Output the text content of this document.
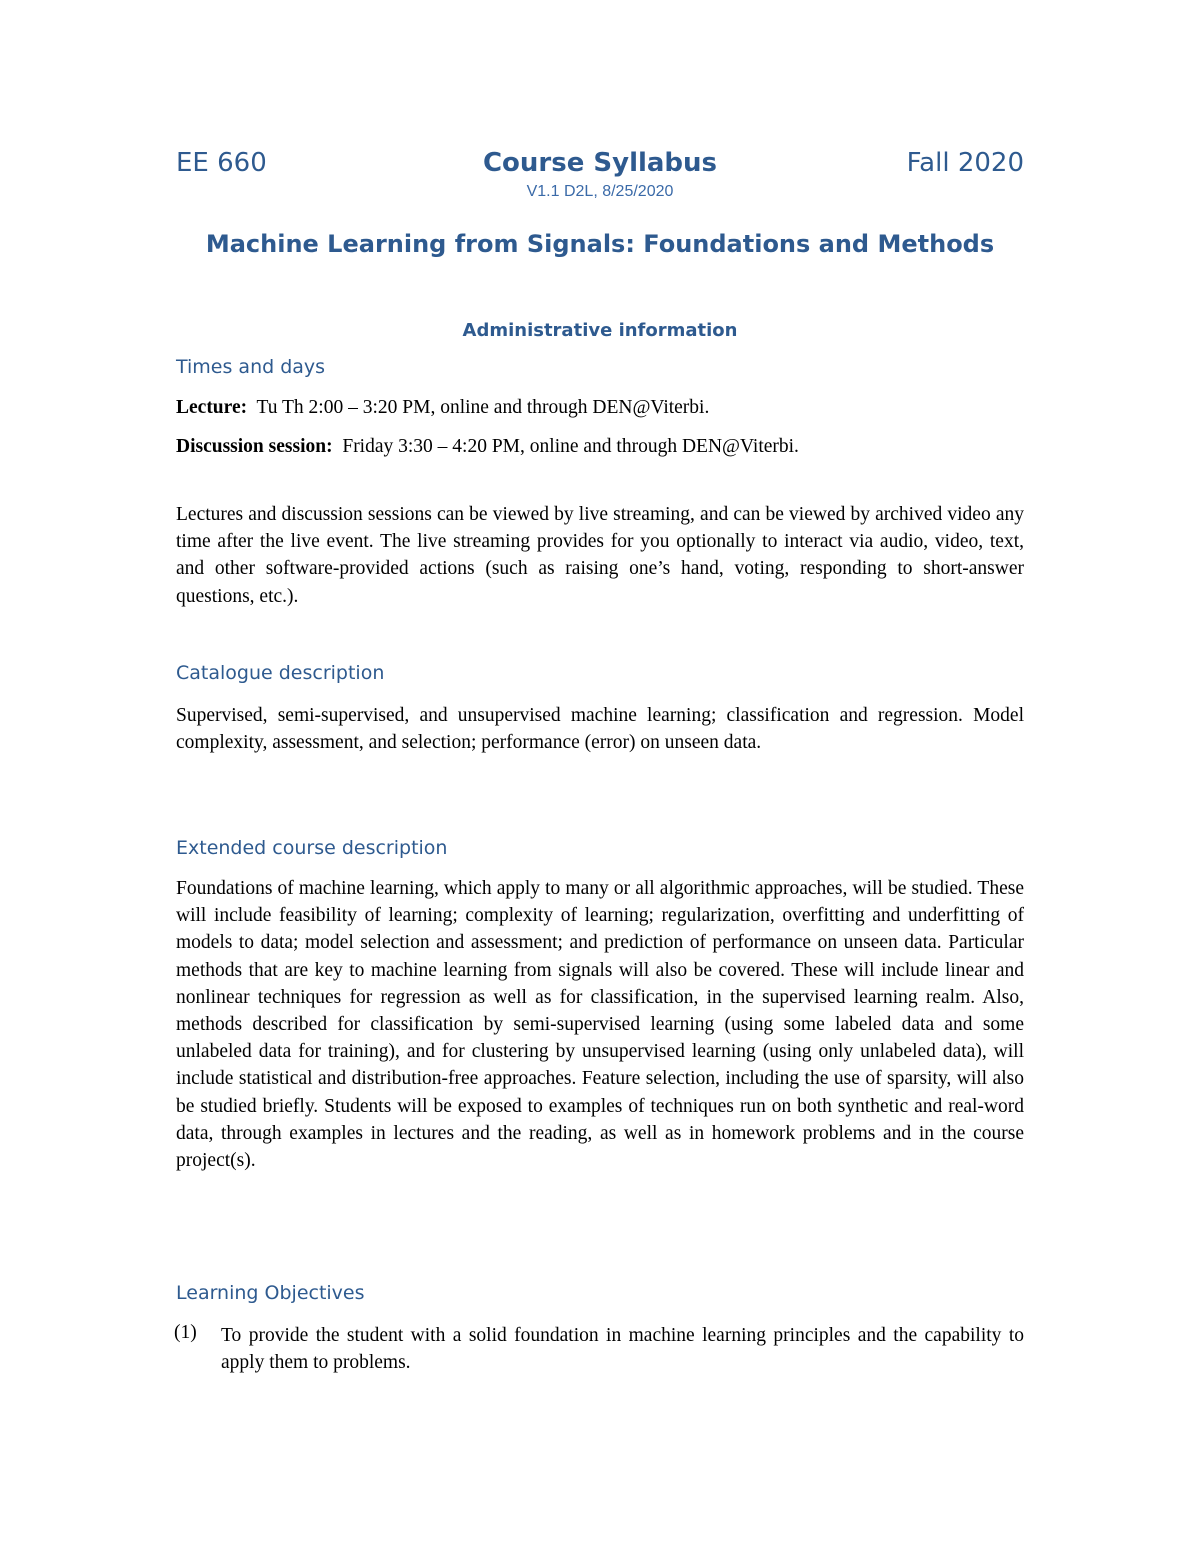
EE 660	Course Syllabus	Fall 2020
V1.1 D2L, 8/25/2020
Machine Learning from Signals: Foundations and Methods
Administrative information
Times and days
Lecture: Tu Th 2:00 – 3:20 PM, online and through DEN@Viterbi.
Discussion session: Friday 3:30 – 4:20 PM, online and through DEN@Viterbi.
Lectures and discussion sessions can be viewed by live streaming, and can be viewed by archived video any time after the live event. The live streaming provides for you optionally to interact via audio, video, text, and other software-provided actions (such as raising one’s hand, voting, responding to short-answer questions, etc.).
Catalogue description
Supervised, semi-supervised, and unsupervised machine learning; classification and regression. Model complexity, assessment, and selection; performance (error) on unseen data.
Extended course description
Foundations of machine learning, which apply to many or all algorithmic approaches, will be studied. These will include feasibility of learning; complexity of learning; regularization, overfitting and underfitting of models to data; model selection and assessment; and prediction of performance on unseen data. Particular methods that are key to machine learning from signals will also be covered. These will include linear and nonlinear techniques for regression as well as for classification, in the supervised learning realm. Also, methods described for classification by semi-supervised learning (using some labeled data and some unlabeled data for training), and for clustering by unsupervised learning (using only unlabeled data), will include statistical and distribution-free approaches. Feature selection, including the use of sparsity, will also be studied briefly. Students will be exposed to examples of techniques run on both synthetic and real-word data, through examples in lectures and the reading, as well as in homework problems and in the course project(s).
Learning Objectives
(1) To provide the student with a solid foundation in machine learning principles and the capability to apply them to problems.
